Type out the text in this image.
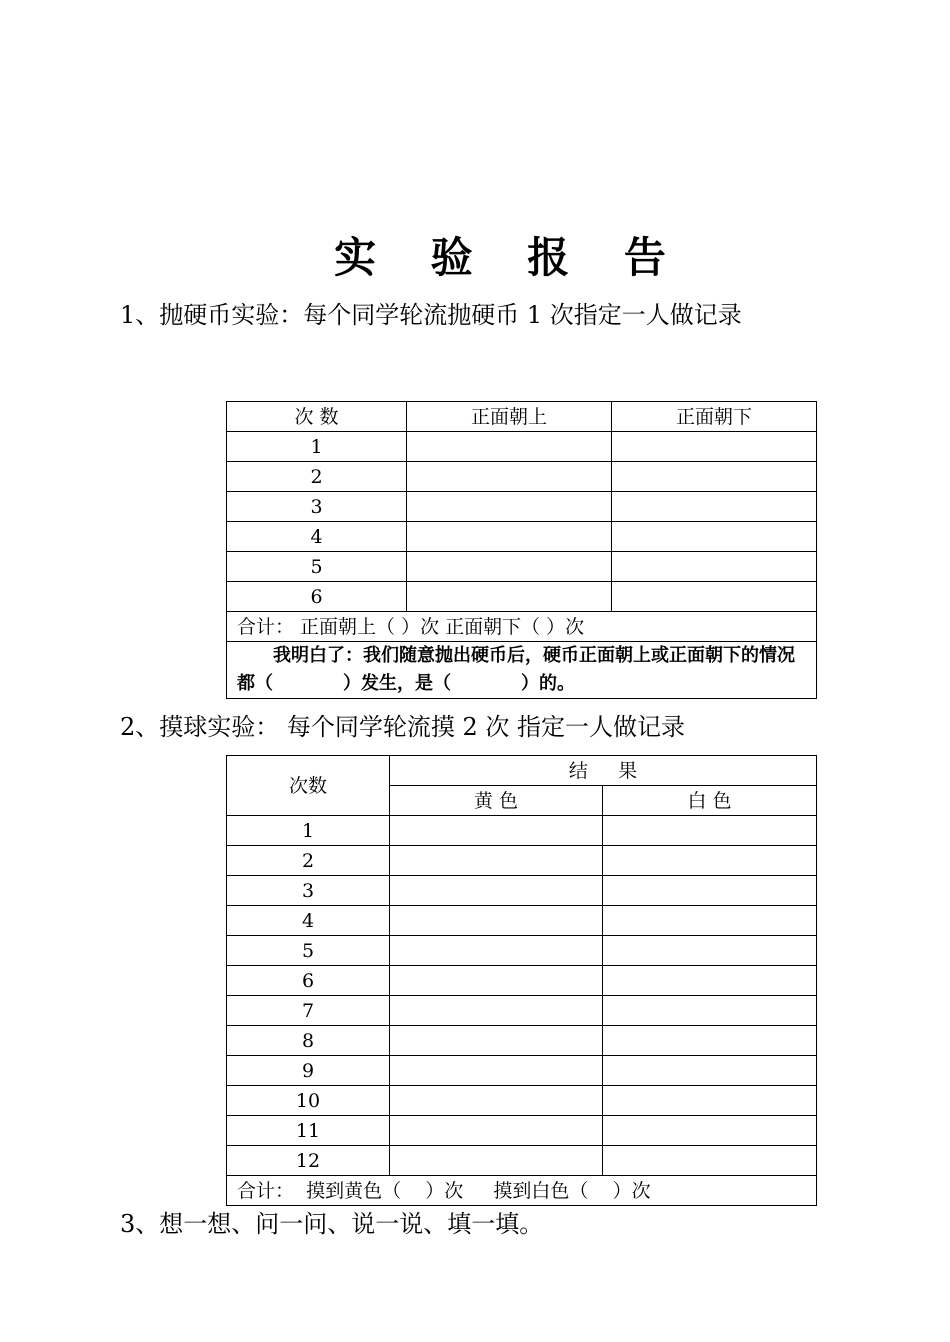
实 验 报 告
1、抛硬币实验：每个同学轮流抛硬币 1 次指定一人做记录
次 数	正面朝上	正面朝下
1		
2		
3		
4		
5		
6		
合计： 正面朝上（ ）次 正面朝下（ ）次		
我明白了：我们随意抛出硬币后，硬币正面朝上或正面朝下的情况都（ ）发生，是（ ）的。		
2、摸球实验： 每个同学轮流摸 2 次 指定一人做记录
次数	结     果	
	黄 色	白 色
1		
2		
3		
4		
5		
6		
7		
8		
9		
10		
11		
12		
合计：  摸到黄色（    ）次     摸到白色（    ）次		
3、想一想、问一问、说一说、填一填。
